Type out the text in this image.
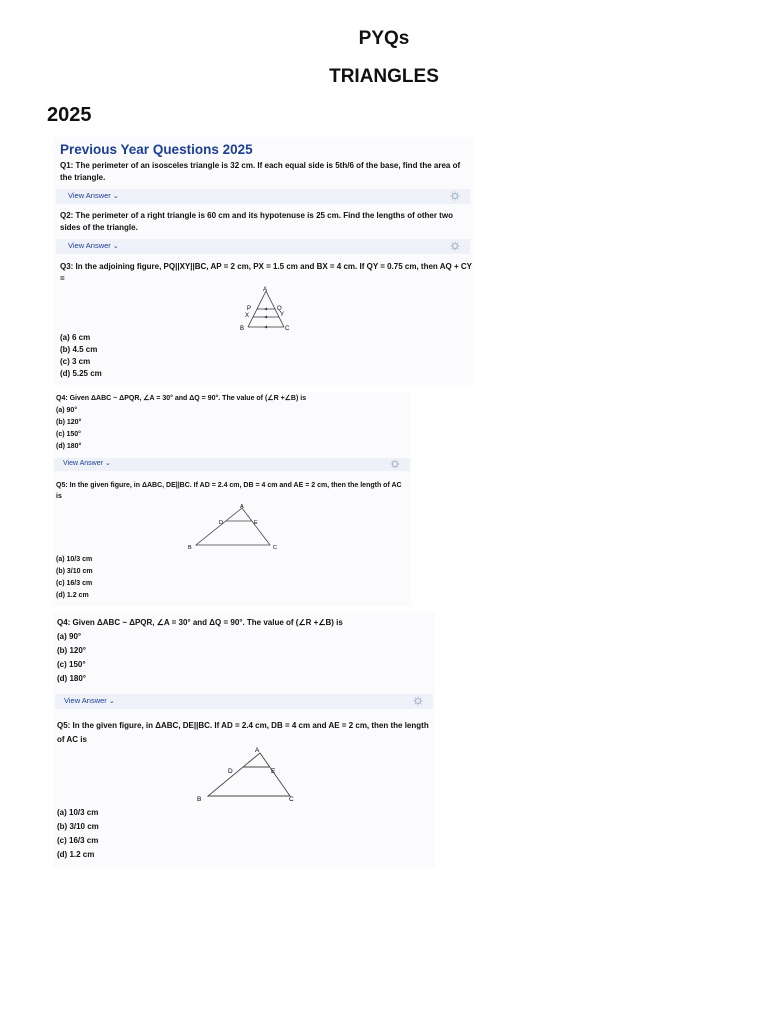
PYQs
TRIANGLES
2025
Previous Year Questions 2025
Q1: The perimeter of an isosceles triangle is 32 cm. If each equal side is 5th/6 of the base, find the area of the triangle.
View Answer ⌄
Q2: The perimeter of a right triangle is 60 cm and its hypotenuse is 25 cm. Find the lengths of other two sides of the triangle.
View Answer ⌄
Q3: In the adjoining figure, PQ||XY||BC, AP = 2 cm, PX = 1.5 cm and BX = 4 cm. If QY = 0.75 cm, then AQ + CY =
A
P	Q
X	Y
B	C
(a) 6 cm
(b) 4.5 cm
(c) 3 cm
(d) 5.25 cm
Q4: Given ΔABC ~ ΔPQR, ∠A = 30° and ΔQ = 90°. The value of (∠R +∠B) is
(a) 90°
(b) 120°
(c) 150°
(d) 180°
View Answer ⌄
Q5: In the given figure, in ΔABC, DE||BC. If AD = 2.4 cm, DB = 4 cm and AE = 2 cm, then the length of AC is
A
D	E
B	C
(a) 10/3 cm
(b) 3/10 cm
(c) 16/3 cm
(d) 1.2 cm
Q4: Given ΔABC ~ ΔPQR, ∠A = 30° and ΔQ = 90°. The value of (∠R +∠B) is
(a) 90°
(b) 120°
(c) 150°
(d) 180°
View Answer ⌄
Q5: In the given figure, in ΔABC, DE||BC. If AD = 2.4 cm, DB = 4 cm and AE = 2 cm, then the length of AC is
A
D	E
B	C
(a) 10/3 cm
(b) 3/10 cm
(c) 16/3 cm
(d) 1.2 cm
